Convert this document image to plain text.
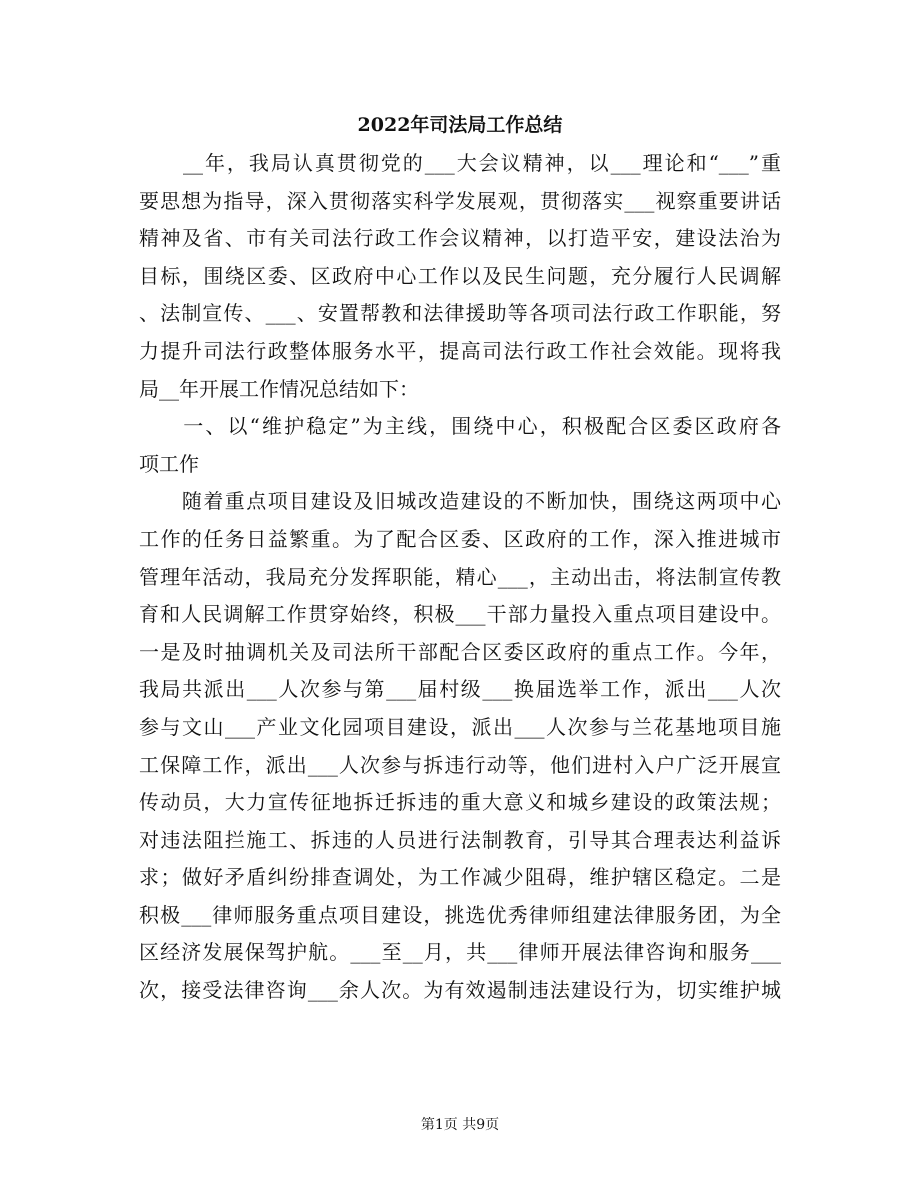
2022年司法局工作总结
　　__年，我局认真贯彻党的___大会议精神，以___理论和“___”重
要思想为指导，深入贯彻落实科学发展观，贯彻落实___视察重要讲话
精神及省、市有关司法行政工作会议精神，以打造平安，建设法治为
目标，围绕区委、区政府中心工作以及民生问题，充分履行人民调解
、法制宣传、___、安置帮教和法律援助等各项司法行政工作职能，努
力提升司法行政整体服务水平，提高司法行政工作社会效能。现将我
局__年开展工作情况总结如下：
　　一、以“维护稳定”为主线，围绕中心，积极配合区委区政府各
项工作
　　随着重点项目建设及旧城改造建设的不断加快，围绕这两项中心
工作的任务日益繁重。为了配合区委、区政府的工作，深入推进城市
管理年活动，我局充分发挥职能，精心___，主动出击，将法制宣传教
育和人民调解工作贯穿始终，积极___干部力量投入重点项目建设中。
一是及时抽调机关及司法所干部配合区委区政府的重点工作。今年，
我局共派出___人次参与第___届村级___换届选举工作，派出___人次
参与文山___产业文化园项目建设，派出___人次参与兰花基地项目施
工保障工作，派出___人次参与拆违行动等，他们进村入户广泛开展宣
传动员，大力宣传征地拆迁拆违的重大意义和城乡建设的政策法规；
对违法阻拦施工、拆违的人员进行法制教育，引导其合理表达利益诉
求；做好矛盾纠纷排查调处，为工作减少阻碍，维护辖区稳定。二是
积极___律师服务重点项目建设，挑选优秀律师组建法律服务团，为全
区经济发展保驾护航。___至__月，共___律师开展法律咨询和服务___
次，接受法律咨询___余人次。为有效遏制违法建设行为，切实维护城
第1页 共9页
